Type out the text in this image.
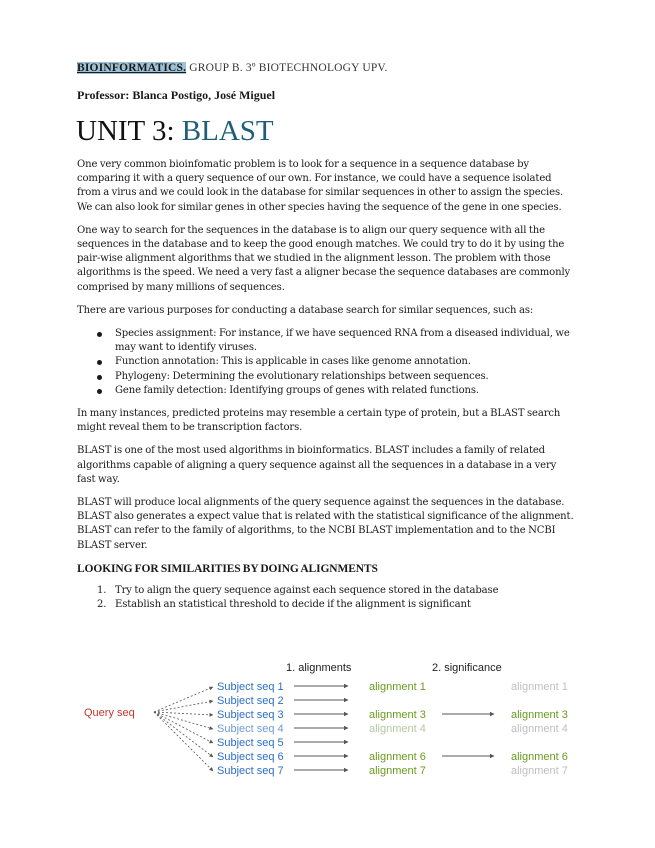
BIOINFORMATICS. GROUP B. 3º BIOTECHNOLOGY UPV.
Professor: Blanca Postigo, José Miguel
UNIT 3: BLAST

One very common bioinfomatic problem is to look for a sequence in a sequence database by comparing it with a query sequence of our own. For instance, we could have a sequence isolated from a virus and we could look in the database for similar sequences in other to assign the species. We can also look for similar genes in other species having the sequence of the gene in one species.

One way to search for the sequences in the database is to align our query sequence with all the sequences in the database and to keep the good enough matches. We could try to do it by using the pair-wise alignment algorithms that we studied in the alignment lesson. The problem with those algorithms is the speed. We need a very fast a aligner becase the sequence databases are commonly comprised by many millions of sequences.

There are various purposes for conducting a database search for similar sequences, such as:

Species assignment: For instance, if we have sequenced RNA from a diseased individual, we may want to identify viruses.
Function annotation: This is applicable in cases like genome annotation.
Phylogeny: Determining the evolutionary relationships between sequences.
Gene family detection: Identifying groups of genes with related functions.

In many instances, predicted proteins may resemble a certain type of protein, but a BLAST search might reveal them to be transcription factors.

BLAST is one of the most used algorithms in bioinformatics. BLAST includes a family of related algorithms capable of aligning a query sequence against all the sequences in a database in a very fast way.

BLAST will produce local alignments of the query sequence against the sequences in the database. BLAST also generates a expect value that is related with the statistical significance of the alignment. BLAST can refer to the family of algorithms, to the NCBI BLAST implementation and to the NCBI BLAST server.

LOOKING FOR SIMILARITIES BY DOING ALIGNMENTS
1. Try to align the query sequence against each sequence stored in the database
2. Establish an statistical threshold to decide if the alignment is significant
1. alignments	2. significance
Query seq
Subject seq 1
Subject seq 2
Subject seq 3
Subject seq 4
Subject seq 5
Subject seq 6
Subject seq 7
alignment 1
alignment 3
alignment 4
alignment 6
alignment 7
alignment 1
alignment 3
alignment 4
alignment 6
alignment 7
